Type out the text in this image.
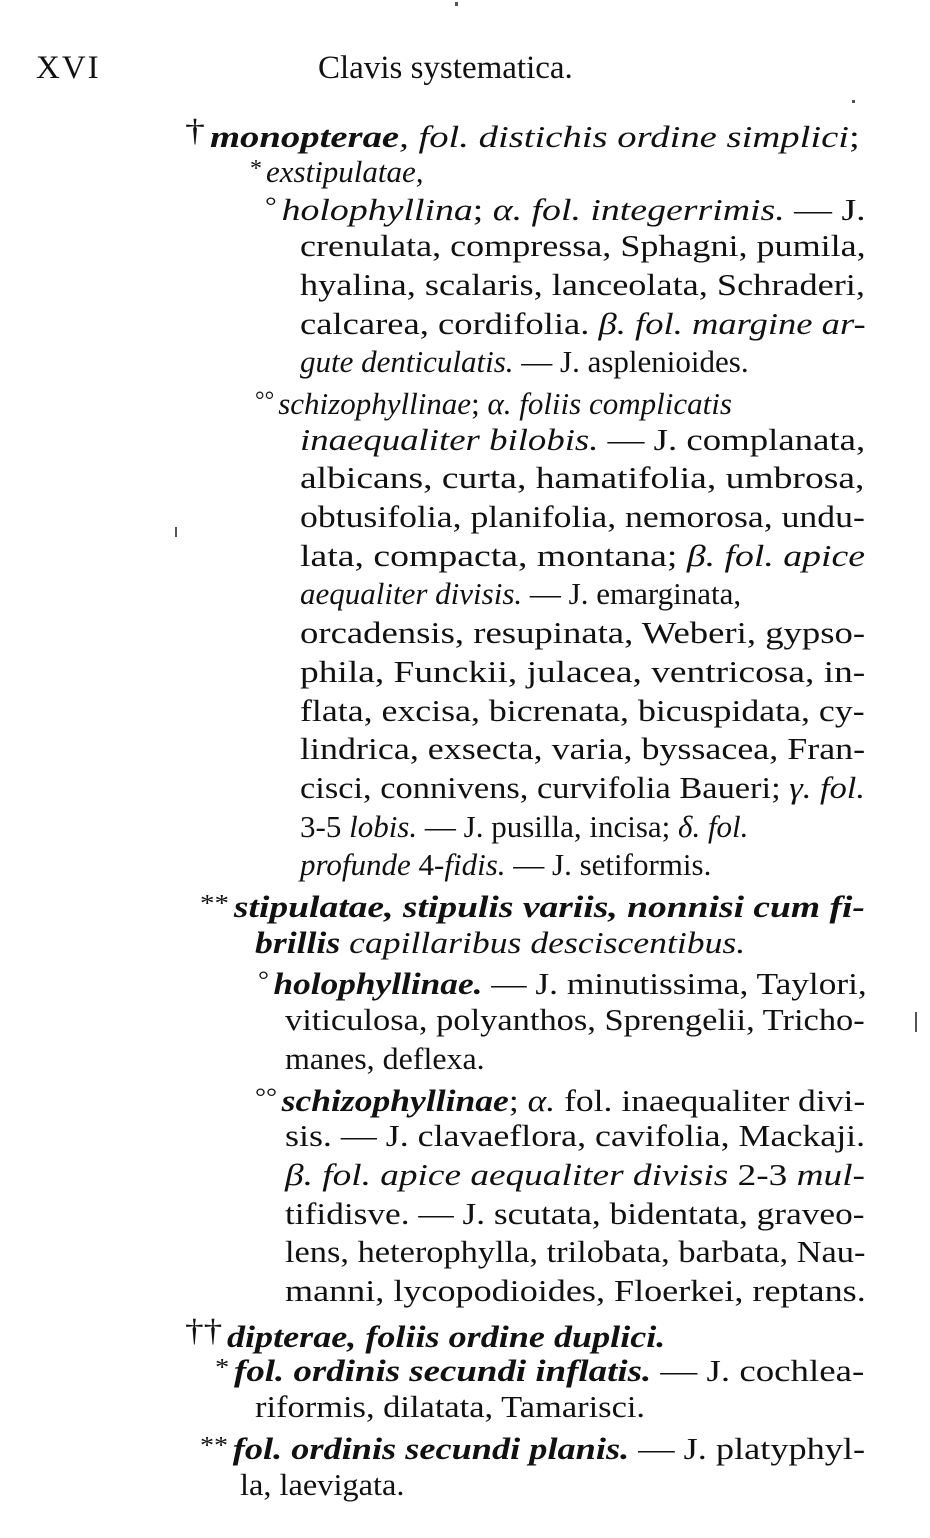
XVI	Clavis systematica.
† monopterae, fol. distichis ordine simplici;
* exstipulatae,
° holophyllina; α. fol. integerrimis. — J.
crenulata, compressa, Sphagni, pumila,
hyalina, scalaris, lanceolata, Schraderi,
calcarea, cordifolia. β. fol. margine ar-
gute denticulatis. — J. asplenioides.
°° schizophyllinae; α. foliis complicatis
inaequaliter bilobis. — J. complanata,
albicans, curta, hamatifolia, umbrosa,
obtusifolia, planifolia, nemorosa, undu-
lata, compacta, montana; β. fol. apice
aequaliter divisis. — J. emarginata,
orcadensis, resupinata, Weberi, gypso-
phila, Funckii, julacea, ventricosa, in-
flata, excisa, bicrenata, bicuspidata, cy-
lindrica, exsecta, varia, byssacea, Fran-
cisci, connivens, curvifolia Baueri; γ. fol.
3-5 lobis. — J. pusilla, incisa; δ. fol.
profunde 4-fidis. — J. setiformis.
** stipulatae, stipulis variis, nonnisi cum fi-
brillis capillaribus desciscentibus.
° holophyllinae. — J. minutissima, Taylori,
viticulosa, polyanthos, Sprengelii, Tricho-
manes, deflexa.
°° schizophyllinae; α. fol. inaequaliter divi-
sis. — J. clavaeflora, cavifolia, Mackaji.
β. fol. apice aequaliter divisis 2-3 mul-
tifidisve. — J. scutata, bidentata, graveo-
lens, heterophylla, trilobata, barbata, Nau-
manni, lycopodioides, Floerkei, reptans.
†† dipterae, foliis ordine duplici.
* fol. ordinis secundi inflatis. — J. cochlea-
riformis, dilatata, Tamarisci.
** fol. ordinis secundi planis. — J. platyphyl-
la, laevigata.
